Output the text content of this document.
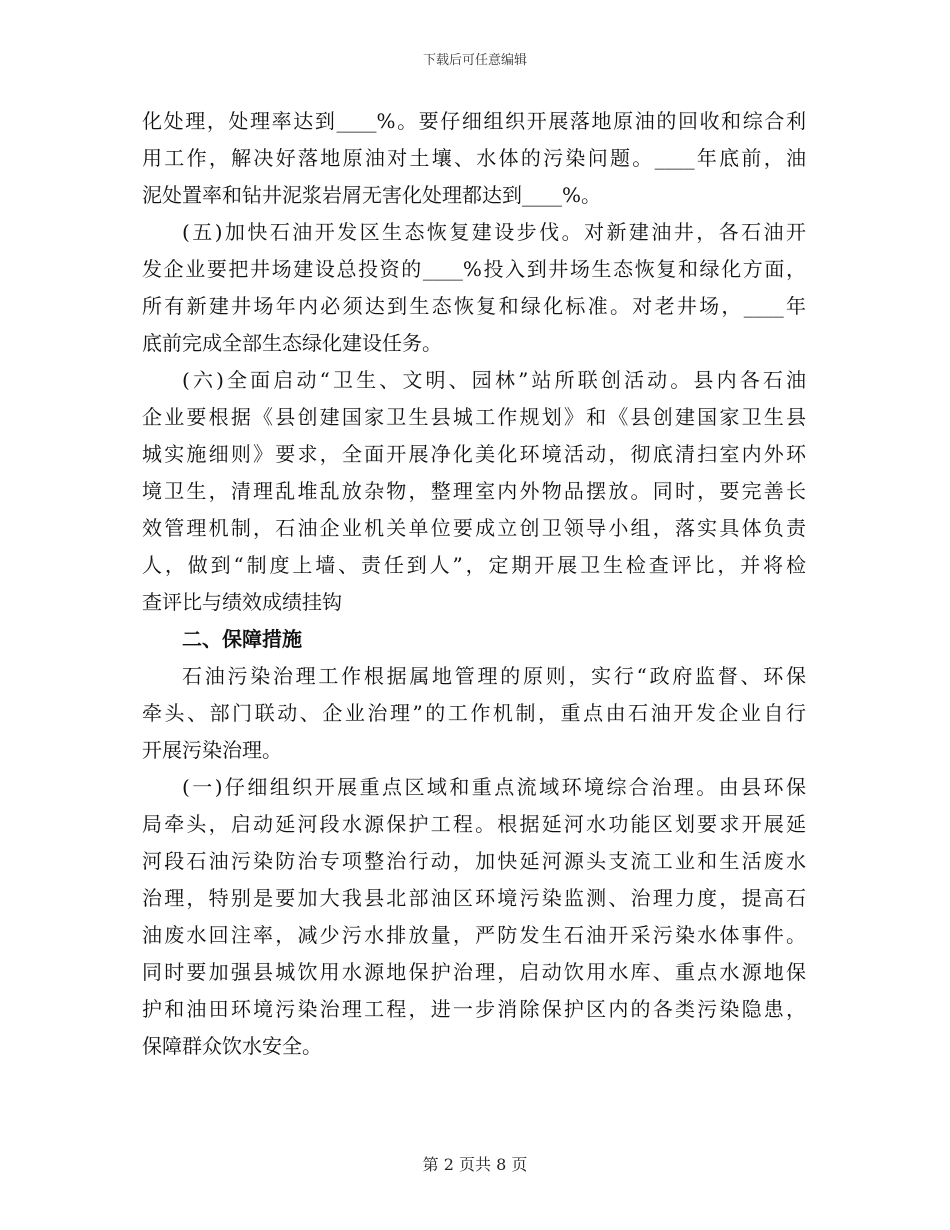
下载后可任意编辑
化处理，处理率达到____%。要仔细组织开展落地原油的回收和综合利
用工作，解决好落地原油对土壤、水体的污染问题。____年底前，油
泥处置率和钻井泥浆岩屑无害化处理都达到____%。
(五)加快石油开发区生态恢复建设步伐。对新建油井，各石油开
发企业要把井场建设总投资的____%投入到井场生态恢复和绿化方面，
所有新建井场年内必须达到生态恢复和绿化标准。对老井场，____年
底前完成全部生态绿化建设任务。
(六)全面启动“卫生、文明、园林”站所联创活动。县内各石油
企业要根据《县创建国家卫生县城工作规划》和《县创建国家卫生县
城实施细则》要求，全面开展净化美化环境活动，彻底清扫室内外环
境卫生，清理乱堆乱放杂物，整理室内外物品摆放。同时，要完善长
效管理机制，石油企业机关单位要成立创卫领导小组，落实具体负责
人，做到“制度上墙、责任到人”，定期开展卫生检查评比，并将检
查评比与绩效成绩挂钩
二、保障措施
石油污染治理工作根据属地管理的原则，实行“政府监督、环保
牵头、部门联动、企业治理”的工作机制，重点由石油开发企业自行
开展污染治理。
(一)仔细组织开展重点区域和重点流域环境综合治理。由县环保
局牵头，启动延河段水源保护工程。根据延河水功能区划要求开展延
河段石油污染防治专项整治行动，加快延河源头支流工业和生活废水
治理，特别是要加大我县北部油区环境污染监测、治理力度，提高石
油废水回注率，减少污水排放量，严防发生石油开采污染水体事件。
同时要加强县城饮用水源地保护治理，启动饮用水库、重点水源地保
护和油田环境污染治理工程，进一步消除保护区内的各类污染隐患，
保障群众饮水安全。
第 2 页共 8 页
